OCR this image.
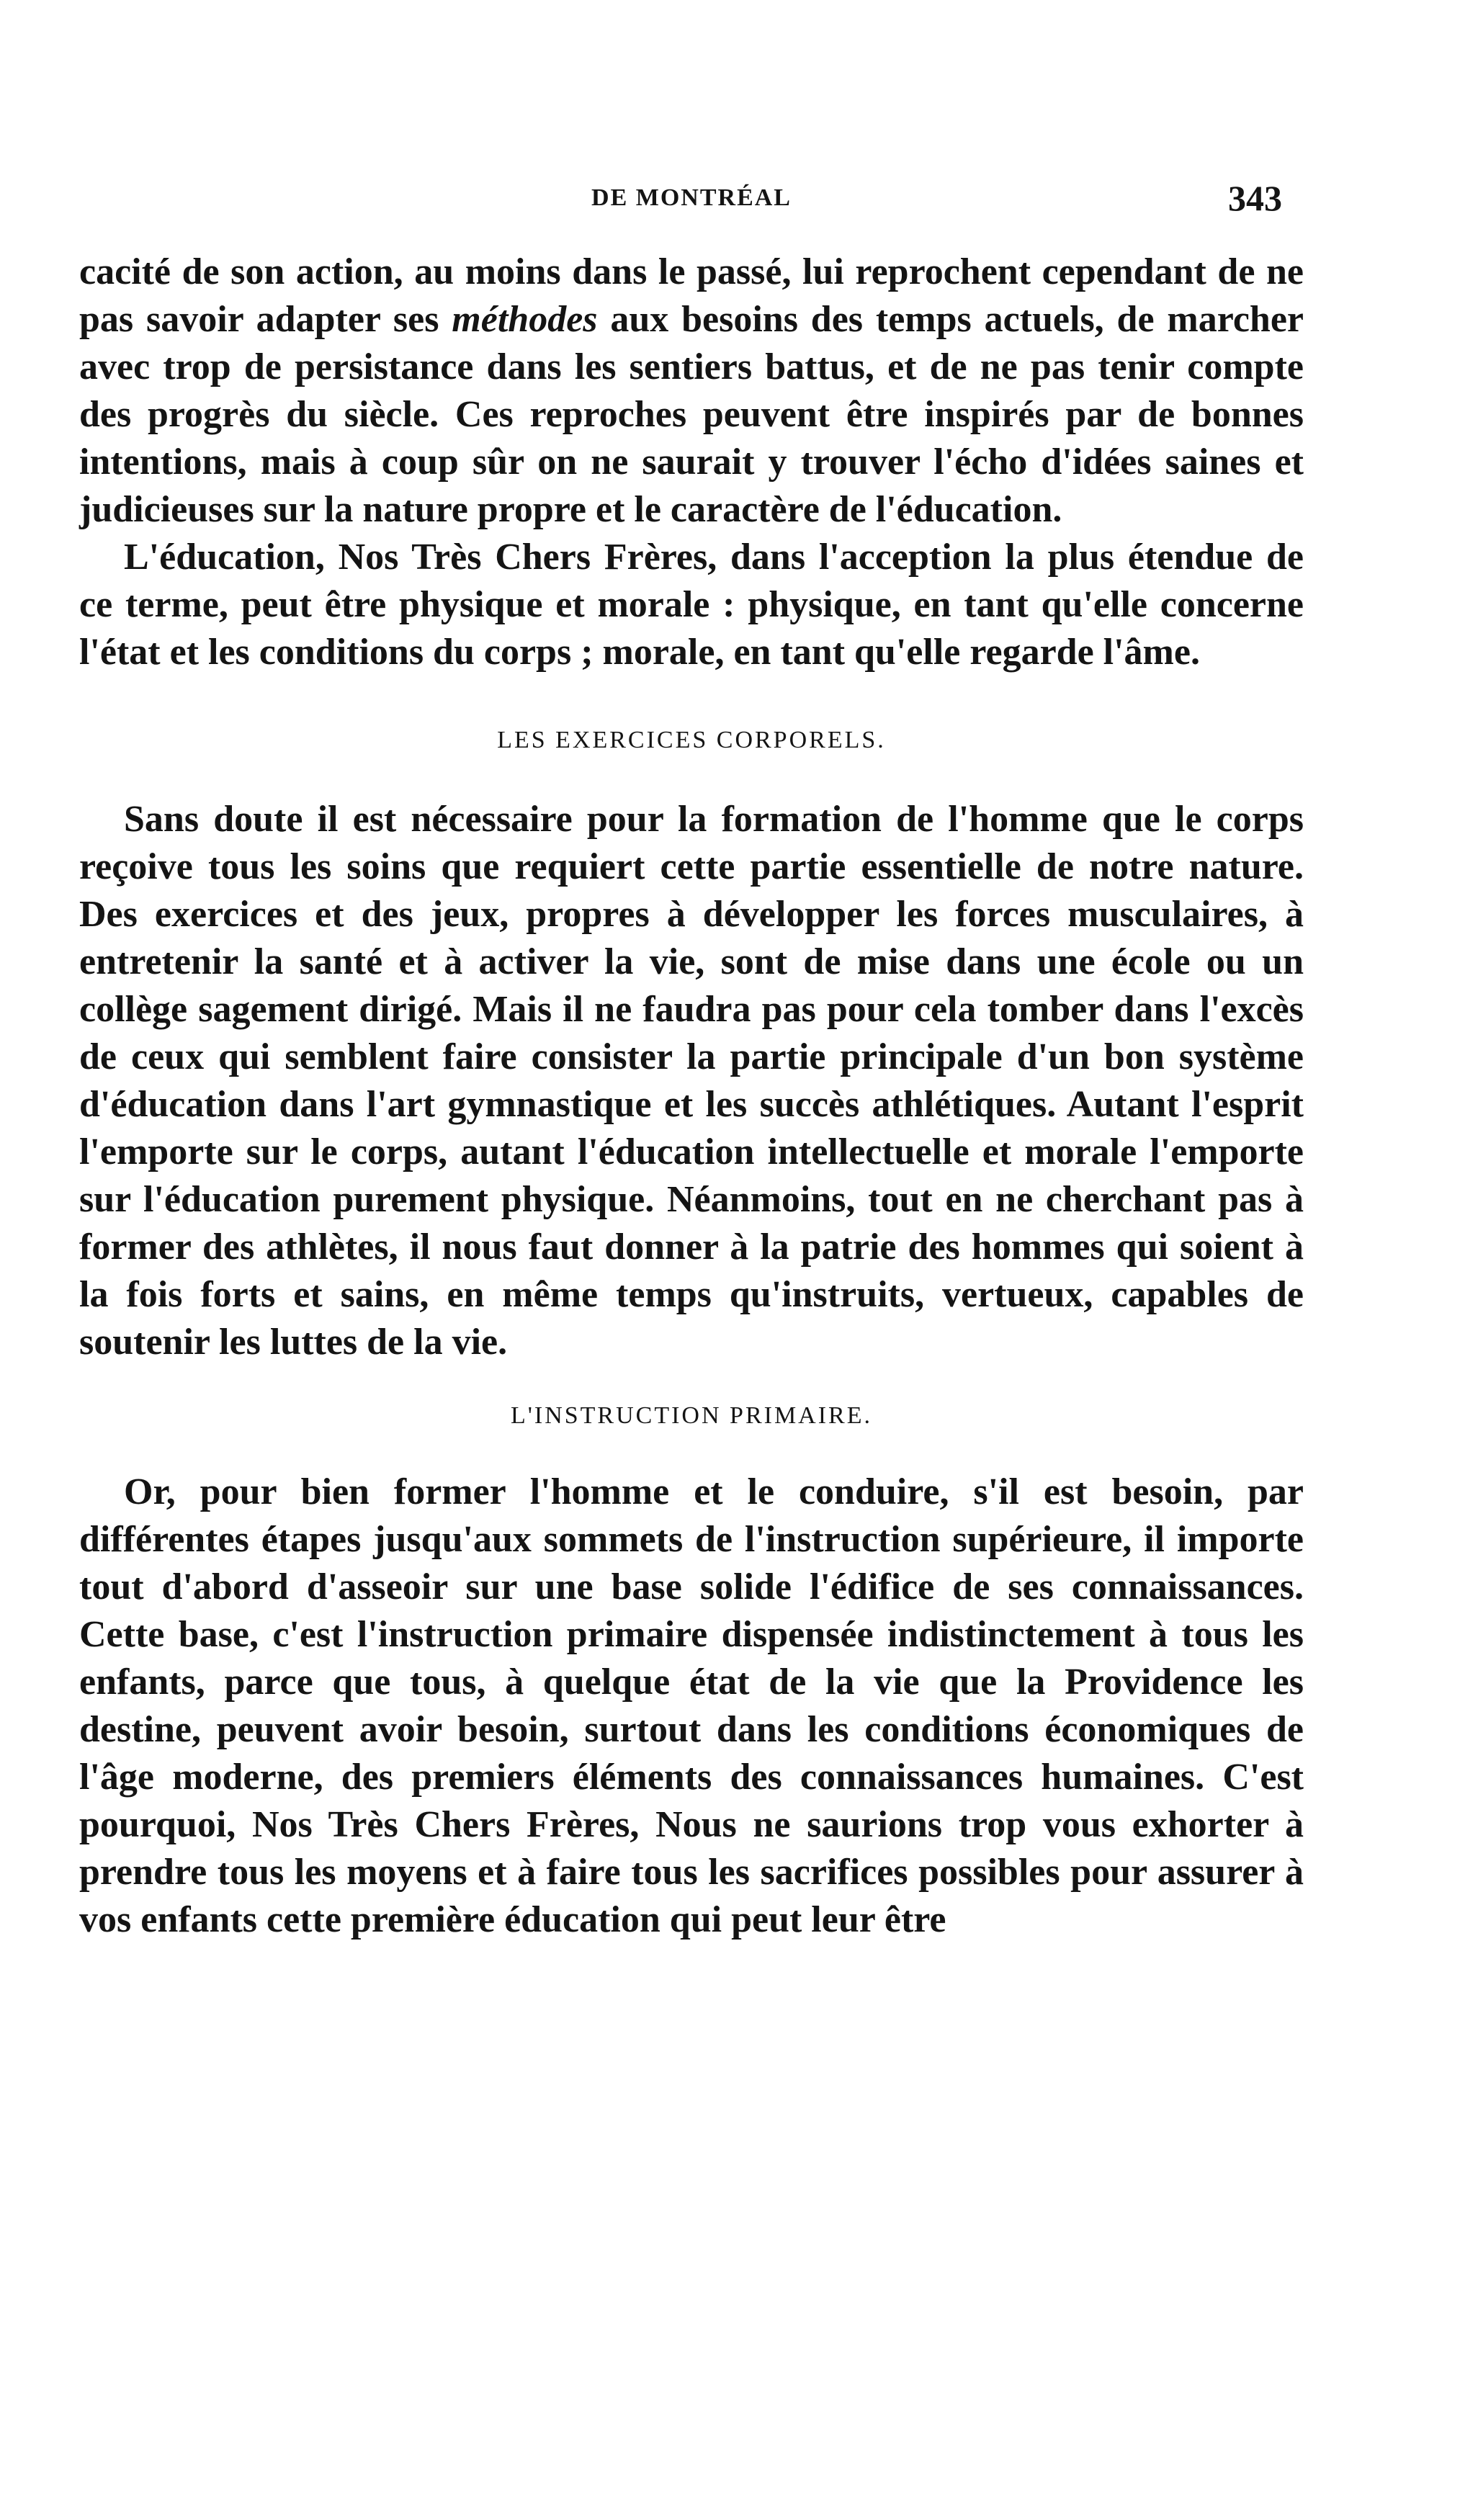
DE MONTRÉAL	343

cacité de son action, au moins dans le passé, lui reprochent cependant de ne pas savoir adapter ses méthodes aux besoins des temps actuels, de marcher avec trop de persistance dans les sentiers battus, et de ne pas tenir compte des progrès du siècle. Ces reproches peuvent être inspirés par de bonnes intentions, mais à coup sûr on ne saurait y trouver l'écho d'idées saines et judicieuses sur la nature propre et le caractère de l'éducation.

L'éducation, Nos Très Chers Frères, dans l'acception la plus étendue de ce terme, peut être physique et morale : physique, en tant qu'elle concerne l'état et les conditions du corps ; morale, en tant qu'elle regarde l'âme.

LES EXERCICES CORPORELS.

Sans doute il est nécessaire pour la formation de l'homme que le corps reçoive tous les soins que requiert cette partie essentielle de notre nature. Des exercices et des jeux, propres à développer les forces musculaires, à entretenir la santé et à activer la vie, sont de mise dans une école ou un collège sagement dirigé. Mais il ne faudra pas pour cela tomber dans l'excès de ceux qui semblent faire consister la partie principale d'un bon système d'éducation dans l'art gymnastique et les succès athlétiques. Autant l'esprit l'emporte sur le corps, autant l'éducation intellectuelle et morale l'emporte sur l'éducation purement physique. Néanmoins, tout en ne cherchant pas à former des athlètes, il nous faut donner à la patrie des hommes qui soient à la fois forts et sains, en même temps qu'instruits, vertueux, capables de soutenir les luttes de la vie.

L'INSTRUCTION PRIMAIRE.

Or, pour bien former l'homme et le conduire, s'il est besoin, par différentes étapes jusqu'aux sommets de l'instruction supérieure, il importe tout d'abord d'asseoir sur une base solide l'édifice de ses connaissances. Cette base, c'est l'instruction primaire dispensée indistinctement à tous les enfants, parce que tous, à quelque état de la vie que la Providence les destine, peuvent avoir besoin, surtout dans les conditions économiques de l'âge moderne, des premiers éléments des connaissances humaines. C'est pourquoi, Nos Très Chers Frères, Nous ne saurions trop vous exhorter à prendre tous les moyens et à faire tous les sacrifices possibles pour assurer à vos enfants cette première éducation qui peut leur être
